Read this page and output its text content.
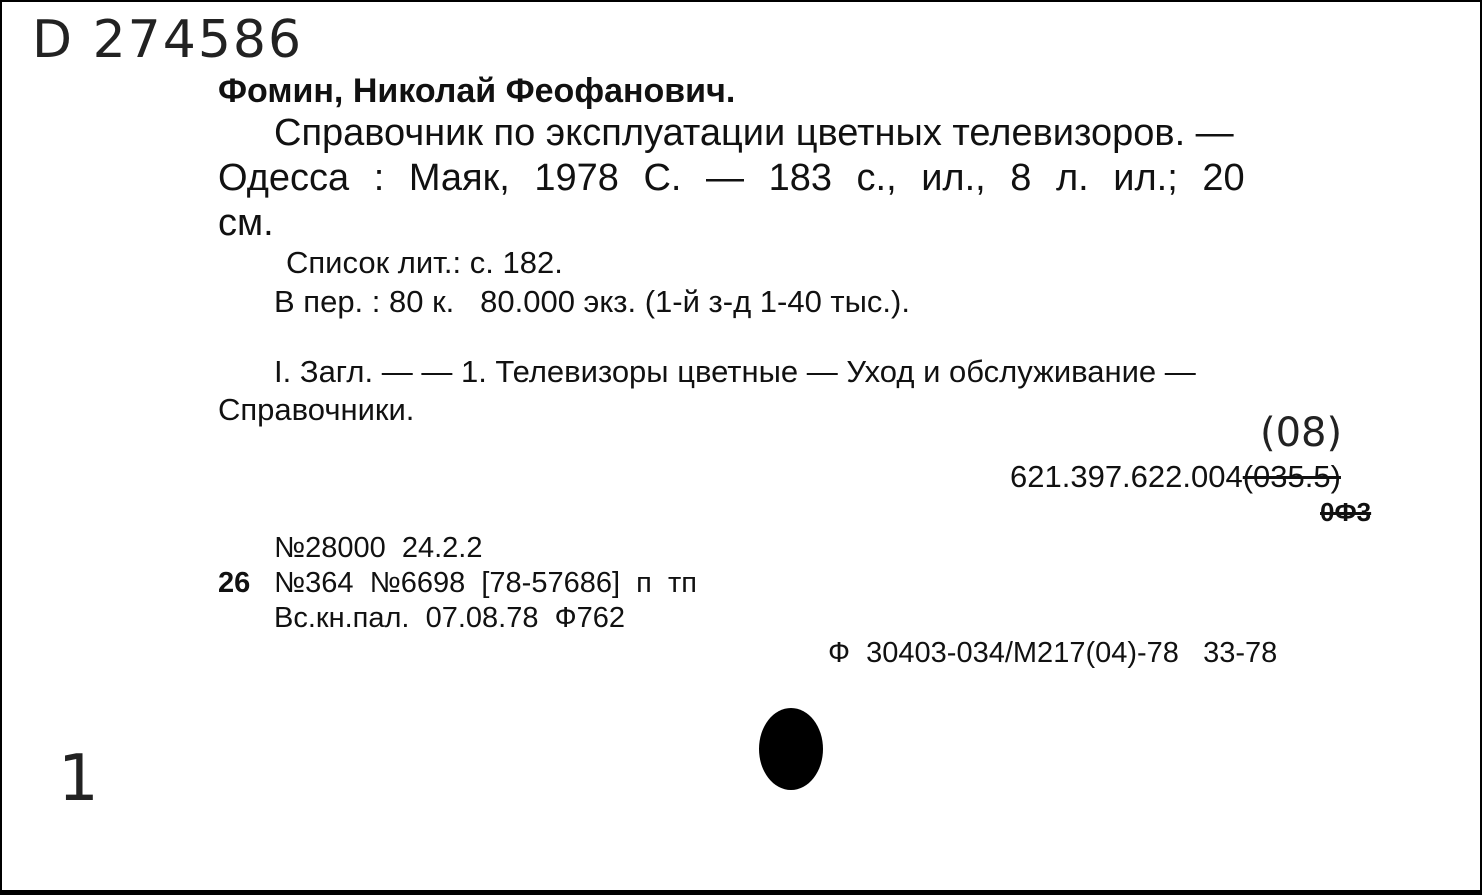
D 274586
Фомин, Николай Феофанович.
Справочник по эксплуатации цветных телевизоров. —
Одесса : Маяк, 1978 С. — 183 с., ил., 8 л. ил.; 20
см.
Список лит.: с. 182.
В пер. : 80 к.   80.000 экз. (1-й з-д 1-40 тыс.).
I. Загл. — — 1. Телевизоры цветные — Уход и обслуживание —
Справочники.
(08)
621.397.622.004(035.5)
0Ф3
№28000  24.2.2
26 №364  №6698  [78-57686]  п  тп
Вс.кн.пал.  07.08.78  Ф762
Ф  30403-034/М217(04)-78   33-78
1
